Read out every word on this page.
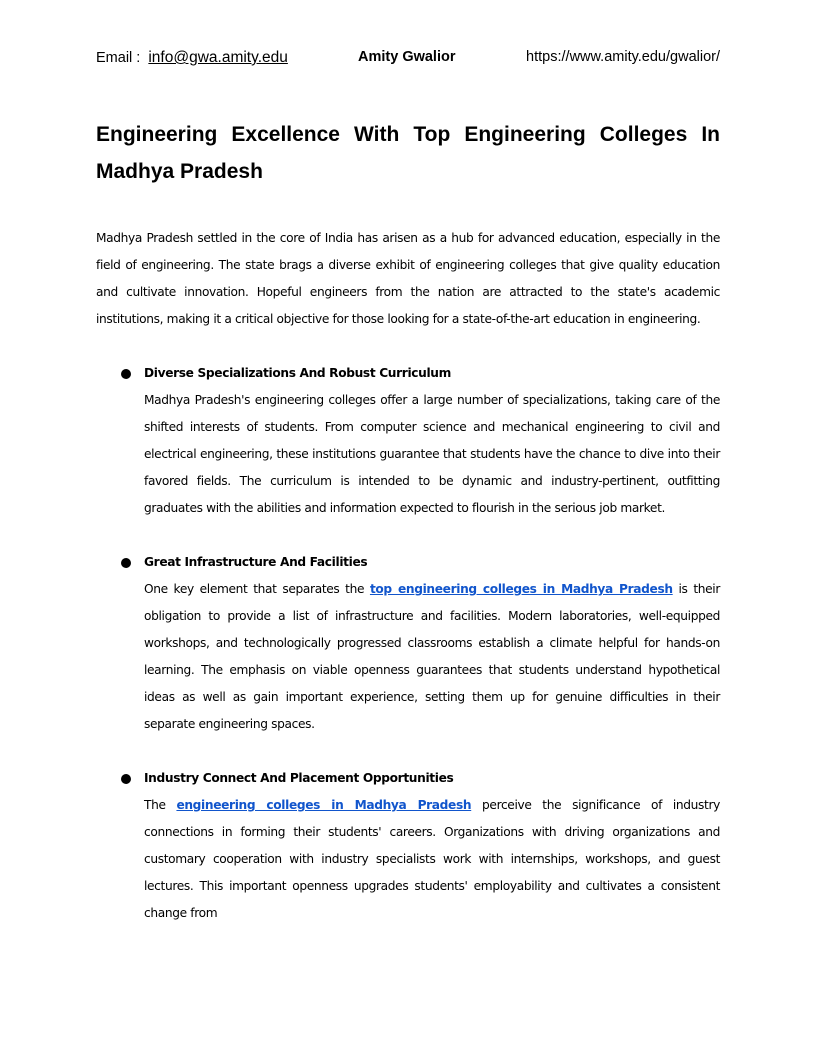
Email : info@gwa.amity.edu	Amity Gwalior	https://www.amity.edu/gwalior/
Engineering Excellence With Top Engineering Colleges In Madhya Pradesh

Madhya Pradesh settled in the core of India has arisen as a hub for advanced education, especially in the field of engineering. The state brags a diverse exhibit of engineering colleges that give quality education and cultivate innovation. Hopeful engineers from the nation are attracted to the state's academic institutions, making it a critical objective for those looking for a state-of-the-art education in engineering.

Diverse Specializations And Robust Curriculum

Madhya Pradesh's engineering colleges offer a large number of specializations, taking care of the shifted interests of students. From computer science and mechanical engineering to civil and electrical engineering, these institutions guarantee that students have the chance to dive into their favored fields. The curriculum is intended to be dynamic and industry-pertinent, outfitting graduates with the abilities and information expected to flourish in the serious job market.

Great Infrastructure And Facilities

One key element that separates the top engineering colleges in Madhya Pradesh is their obligation to provide a list of infrastructure and facilities. Modern laboratories, well-equipped workshops, and technologically progressed classrooms establish a climate helpful for hands-on learning. The emphasis on viable openness guarantees that students understand hypothetical ideas as well as gain important experience, setting them up for genuine difficulties in their separate engineering spaces.

Industry Connect And Placement Opportunities

The engineering colleges in Madhya Pradesh perceive the significance of industry connections in forming their students' careers. Organizations with driving organizations and customary cooperation with industry specialists work with internships, workshops, and guest lectures. This important openness upgrades students' employability and cultivates a consistent change from
